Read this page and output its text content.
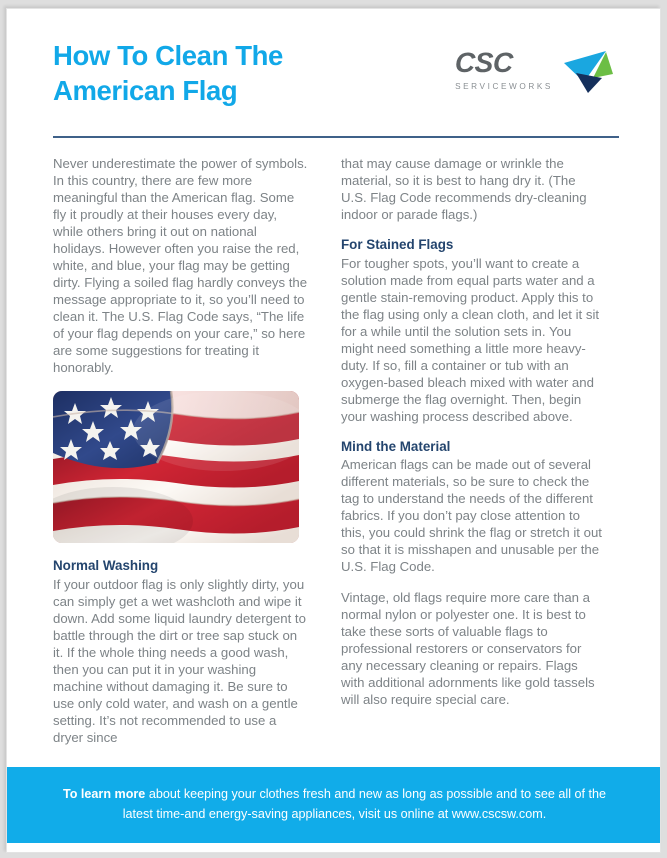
How To Clean The American Flag
CSC
SERVICEWORKS

Never underestimate the power of symbols. In this country, there are few more meaningful than the American flag. Some fly it proudly at their houses every day, while others bring it out on national holidays. However often you raise the red, white, and blue, your flag may be getting dirty. Flying a soiled flag hardly conveys the message appropriate to it, so you’ll need to clean it. The U.S. Flag Code says, “The life of your flag depends on your care,” so here are some suggestions for treating it honorably.

Normal Washing

If your outdoor flag is only slightly dirty, you can simply get a wet washcloth and wipe it down. Add some liquid laundry detergent to battle through the dirt or tree sap stuck on it. If the whole thing needs a good wash, then you can put it in your washing machine without damaging it. Be sure to use only cold water, and wash on a gentle setting. It’s not recommended to use a dryer since

that may cause damage or wrinkle the material, so it is best to hang dry it. (The U.S. Flag Code recommends dry-cleaning indoor or parade flags.)

For Stained Flags

For tougher spots, you’ll want to create a solution made from equal parts water and a gentle stain-removing product. Apply this to the flag using only a clean cloth, and let it sit for a while until the solution sets in. You might need something a little more heavy-duty. If so, fill a container or tub with an oxygen-based bleach mixed with water and submerge the flag overnight. Then, begin your washing process described above.

Mind the Material

American flags can be made out of several different materials, so be sure to check the tag to understand the needs of the different fabrics. If you don’t pay close attention to this, you could shrink the flag or stretch it out so that it is misshapen and unusable per the U.S. Flag Code.

Vintage, old flags require more care than a normal nylon or polyester one. It is best to take these sorts of valuable flags to professional restorers or conservators for any necessary cleaning or repairs. Flags with additional adornments like gold tassels will also require special care.

To learn more about keeping your clothes fresh and new as long as possible and to see all of the latest time-and energy-saving appliances, visit us online at www.cscsw.com.
